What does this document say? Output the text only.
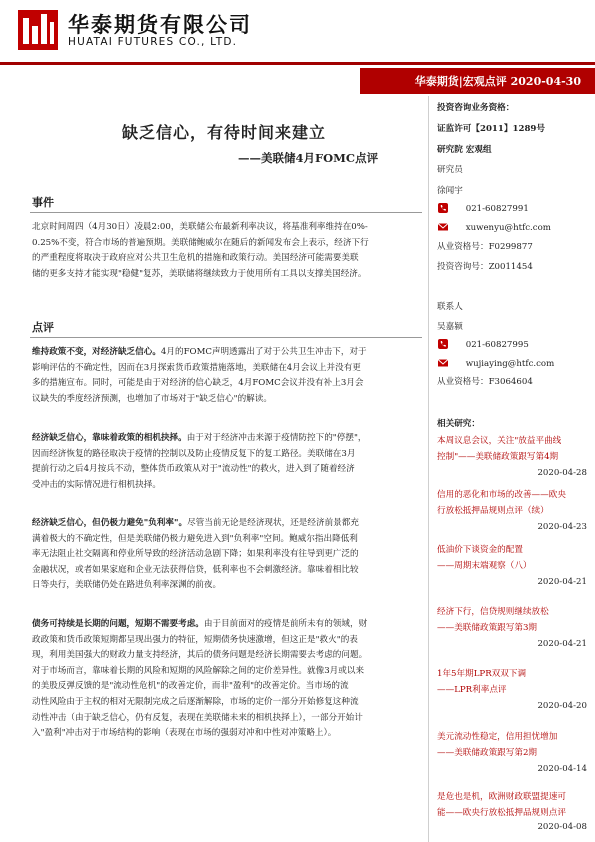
华泰期货有限公司
HUATAI FUTURES CO., LTD.
华泰期货|宏观点评 2020-04-30
缺乏信心，有待时间来建立
——美联储4月FOMC点评
事件
北京时间周四（4月30日）凌晨2:00，美联储公布最新利率决议，将基准利率维持在0%-
0.25%不变，符合市场的普遍预期。美联储鲍威尔在随后的新闻发布会上表示，经济下行
的严重程度将取决于政府应对公共卫生危机的措施和政策行动。美国经济可能需要美联
储的更多支持才能实现"稳健"复苏，美联储将继续致力于使用所有工具以支撑美国经济。
点评
维持政策不变，对经济缺乏信心。4月的FOMC声明透露出了对于公共卫生冲击下，对于
影响评估的不确定性，因而在3月探索货币政策措施落地，美联储在4月会议上并没有更
多的措施宣布。同时，可能是由于对经济的信心缺乏，4月FOMC会议并没有补上3月会
议缺失的季度经济预测，也增加了市场对于"缺乏信心"的解读。
经济缺乏信心，靠味着政策的相机抉择。由于对于经济冲击来源于疫情防控下的"停摆"，
因而经济恢复的路径取决于疫情的控制以及防止疫情反复下的复工路径。美联储在3月
提前行动之后4月按兵不动，整体货币政策从对于"流动性"的救火，进入到了随着经济
受冲击的实际情况进行相机抉择。
经济缺乏信心，但仍极力避免"负利率"。尽管当前无论是经济现状，还是经济前景都充
满着极大的不确定性，但是美联储仍极力避免进入到"负利率"空间。鲍威尔指出降低利
率无法阻止社交隔离和停业所导致的经济活动急剧下降；如果利率没有往导到更广泛的
金融状况，或者如果家庭和企业无法获得信贷，低利率也不会刺激经济。靠味着相比较
日等央行，美联储仍处在路进负利率深渊的前夜。
债务可持续是长期的问题，短期不需要考虑。由于目前面对的疫情是前所未有的领域，财
政政策和货币政策短期都呈现出强力的特征，短期债务快速激增，但这正是"救火"的表
现，利用美国强大的财政力量支持经济，其后的债务问题是经济长期需要去考虑的问题。
对于市场而言，靠味着长期的风险和短期的风险解除之间的定价差异性。就像3月或以来
的美股反弹反馈的是"流动性危机"的改善定价，而非"盈利"的改善定价。当市场的流
动性风险由于主权的相对无限制完成之后逐渐解除，市场的定价一部分开始修复这种流
动性冲击（由于缺乏信心，仍有反复，表现在美联储未来的相机抉择上），一部分开始计
入"盈利"冲击对于市场结构的影响（表现在市场的强弱对冲和中性对冲策略上）。
投资咨询业务资格：
证监许可【2011】1289号
研究院 宏观组
研究员
徐闻宇
021-60827991
xuwenyu@htfc.com
从业资格号：F0299877
投资咨询号：Z0011454
联系人
吴嘉颍
021-60827995
wujiaying@htfc.com
从业资格号：F3064604
相关研究：
本周议息会议，关注"放益平曲线
控制"——美联储政策跟写第4期
2020-04-28
信用的恶化和市场的改善——欧央
行放松抵押品规则点评（续）
2020-04-23
低油价下谈资金的配置
——周期末端观察（八）
2020-04-21
经济下行，信贷规则继续放松
——美联储政策跟写第3期
2020-04-21
1年5年期LPR双双下调
——LPR利率点评
2020-04-20
美元流动性稳定，信用担忧增加
——美联储政策跟写第2期
2020-04-14
是危也是机，欧洲财政联盟提速可
能——欧央行放松抵押品规则点评
2020-04-08
